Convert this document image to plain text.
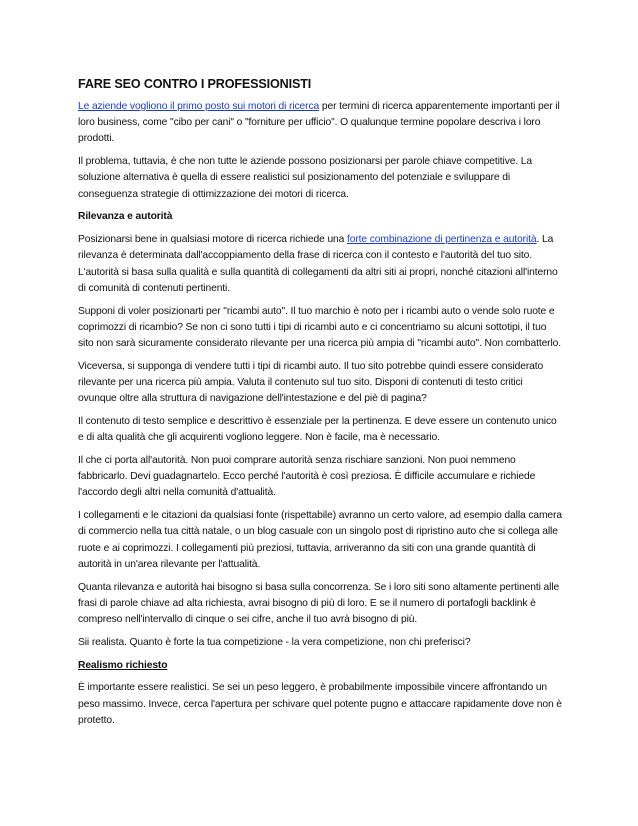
FARE SEO CONTRO I PROFESSIONISTI

Le aziende vogliono il primo posto sui motori di ricerca per termini di ricerca apparentemente importanti per il loro business, come "cibo per cani" o "forniture per ufficio". O qualunque termine popolare descriva i loro prodotti.

Il problema, tuttavia, è che non tutte le aziende possono posizionarsi per parole chiave competitive. La soluzione alternativa è quella di essere realistici sul posizionamento del potenziale e sviluppare di conseguenza strategie di ottimizzazione dei motori di ricerca.

Rilevanza e autorità

Posizionarsi bene in qualsiasi motore di ricerca richiede una forte combinazione di pertinenza e autorità. La rilevanza è determinata dall'accoppiamento della frase di ricerca con il contesto e l'autorità del tuo sito. L'autorità si basa sulla qualità e sulla quantità di collegamenti da altri siti ai propri, nonché citazioni all'interno di comunità di contenuti pertinenti.

Supponi di voler posizionarti per "ricambi auto". Il tuo marchio è noto per i ricambi auto o vende solo ruote e coprimozzi di ricambio? Se non ci sono tutti i tipi di ricambi auto e ci concentriamo su alcuni sottotipi, il tuo sito non sarà sicuramente considerato rilevante per una ricerca più ampia di "ricambi auto". Non combatterlo.

Viceversa, si supponga di vendere tutti i tipi di ricambi auto. Il tuo sito potrebbe quindi essere considerato rilevante per una ricerca più ampia. Valuta il contenuto sul tuo sito. Disponi di contenuti di testo critici ovunque oltre alla struttura di navigazione dell'intestazione e del piè di pagina?

Il contenuto di testo semplice e descrittivo è essenziale per la pertinenza. E deve essere un contenuto unico e di alta qualità che gli acquirenti vogliono leggere. Non è facile, ma è necessario.

Il che ci porta all'autorità. Non puoi comprare autorità senza rischiare sanzioni. Non puoi nemmeno fabbricarlo. Devi guadagnartelo. Ecco perché l'autorità è così preziosa. È difficile accumulare e richiede l'accordo degli altri nella comunità d'attualità.

I collegamenti e le citazioni da qualsiasi fonte (rispettabile) avranno un certo valore, ad esempio dalla camera di commercio nella tua città natale, o un blog casuale con un singolo post di ripristino auto che si collega alle ruote e ai coprimozzi. I collegamenti più preziosi, tuttavia, arriveranno da siti con una grande quantità di autorità in un'area rilevante per l'attualità.

Quanta rilevanza e autorità hai bisogno si basa sulla concorrenza. Se i loro siti sono altamente pertinenti alle frasi di parole chiave ad alta richiesta, avrai bisogno di più di loro. E se il numero di portafogli backlink è compreso nell'intervallo di cinque o sei cifre, anche il tuo avrà bisogno di più.

Sii realista. Quanto è forte la tua competizione - la vera competizione, non chi preferisci?

Realismo richiesto

È importante essere realistici. Se sei un peso leggero, è probabilmente impossibile vincere affrontando un peso massimo. Invece, cerca l'apertura per schivare quel potente pugno e attaccare rapidamente dove non è protetto.
